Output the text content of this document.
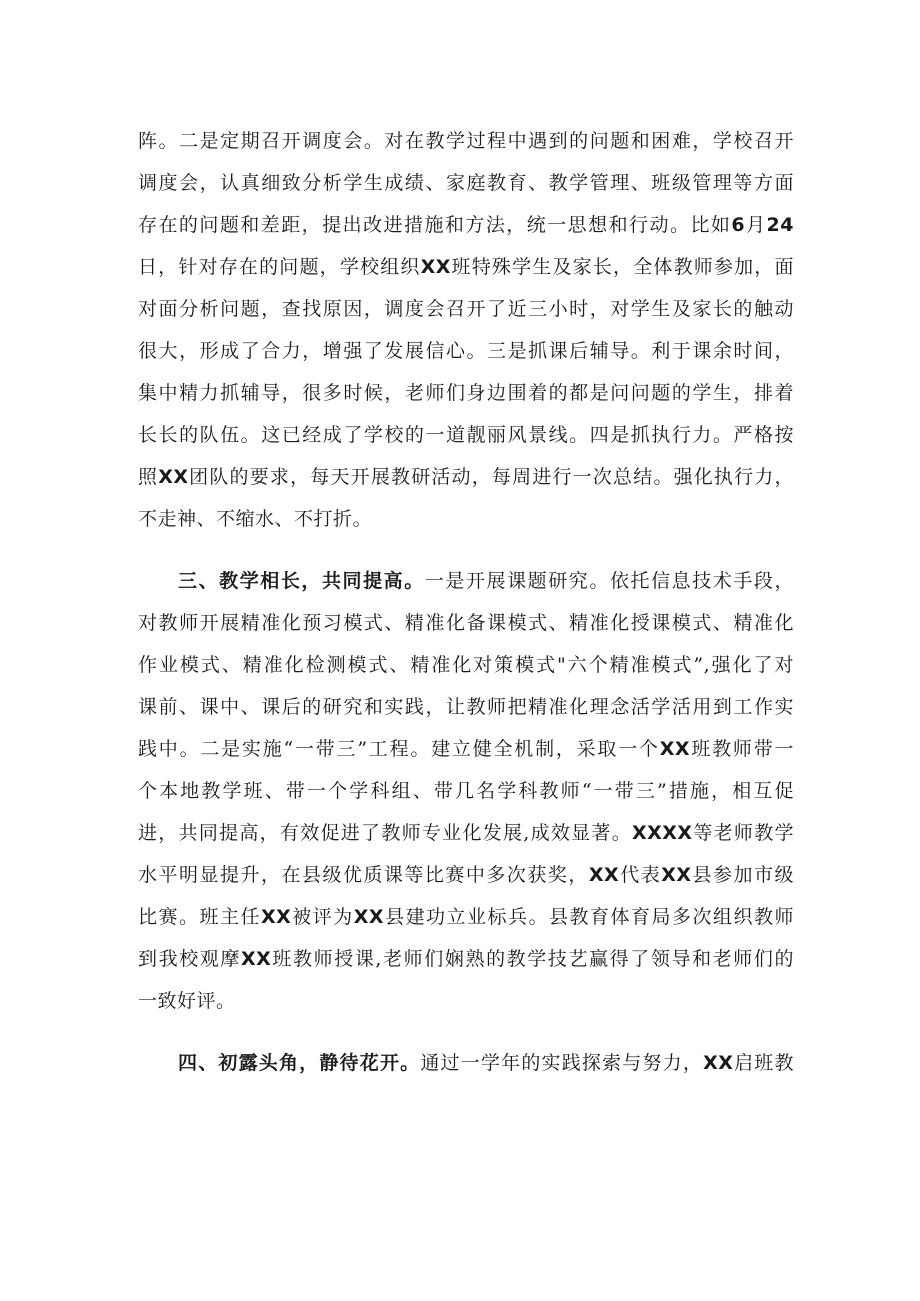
阵。二是定期召开调度会。对在教学过程中遇到的问题和困难，学校召开
调度会，认真细致分析学生成绩、家庭教育、教学管理、班级管理等方面
存在的问题和差距，提出改进措施和方法，统一思想和行动。比如6月24
日，针对存在的问题，学校组织XX班特殊学生及家长，全体教师参加，面
对面分析问题，查找原因，调度会召开了近三小时，对学生及家长的触动
很大，形成了合力，增强了发展信心。三是抓课后辅导。利于课余时间，
集中精力抓辅导，很多时候，老师们身边围着的都是问问题的学生，排着
长长的队伍。这已经成了学校的一道靓丽风景线。四是抓执行力。严格按
照XX团队的要求，每天开展教研活动，每周进行一次总结。强化执行力，
不走神、不缩水、不打折。
三、教学相长，共同提高。一是开展课题研究。依托信息技术手段，
对教师开展精准化预习模式、精准化备课模式、精准化授课模式、精准化
作业模式、精准化检测模式、精准化对策模式"六个精准模式”,强化了对
课前、课中、课后的研究和实践，让教师把精准化理念活学活用到工作实
践中。二是实施“一带三”工程。建立健全机制，采取一个XX班教师带一
个本地教学班、带一个学科组、带几名学科教师“一带三”措施，相互促
进，共同提高，有效促进了教师专业化发展,成效显著。XXXX等老师教学
水平明显提升，在县级优质课等比赛中多次获奖，XX代表XX县参加市级
比赛。班主任XX被评为XX县建功立业标兵。县教育体育局多次组织教师
到我校观摩XX班教师授课,老师们娴熟的教学技艺赢得了领导和老师们的
一致好评。
四、初露头角，静待花开。通过一学年的实践探索与努力，XX启班教
